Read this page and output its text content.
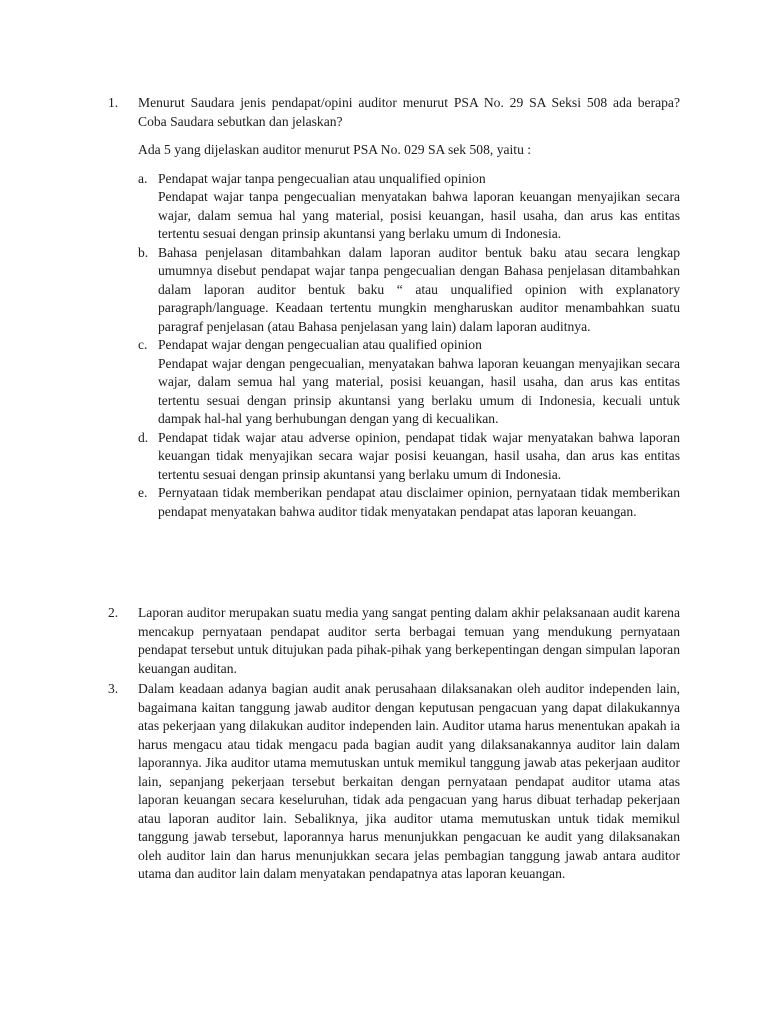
1.	Menurut Saudara jenis pendapat/opini auditor menurut PSA No. 29 SA Seksi 508 ada berapa? Coba Saudara sebutkan dan jelaskan?
Ada 5 yang dijelaskan auditor menurut PSA No. 029 SA sek 508, yaitu :
a. Pendapat wajar tanpa pengecualian atau unqualified opinion
Pendapat wajar tanpa pengecualian menyatakan bahwa laporan keuangan menyajikan secara wajar, dalam semua hal yang material, posisi keuangan, hasil usaha, dan arus kas entitas tertentu sesuai dengan prinsip akuntansi yang berlaku umum di Indonesia.
b. Bahasa penjelasan ditambahkan dalam laporan auditor bentuk baku atau secara lengkap umumnya disebut pendapat wajar tanpa pengecualian dengan Bahasa penjelasan ditambahkan dalam laporan auditor bentuk baku “ atau unqualified opinion with explanatory paragraph/language. Keadaan tertentu mungkin mengharuskan auditor menambahkan suatu paragraf penjelasan (atau Bahasa penjelasan yang lain) dalam laporan auditnya.
c. Pendapat wajar dengan pengecualian atau qualified opinion
Pendapat wajar dengan pengecualian, menyatakan bahwa laporan keuangan menyajikan secara wajar, dalam semua hal yang material, posisi keuangan, hasil usaha, dan arus kas entitas tertentu sesuai dengan prinsip akuntansi yang berlaku umum di Indonesia, kecuali untuk dampak hal-hal yang berhubungan dengan yang di kecualikan.
d. Pendapat tidak wajar atau adverse opinion, pendapat tidak wajar menyatakan bahwa laporan keuangan tidak menyajikan secara wajar posisi keuangan, hasil usaha, dan arus kas entitas tertentu sesuai dengan prinsip akuntansi yang berlaku umum di Indonesia.
e. Pernyataan tidak memberikan pendapat atau disclaimer opinion, pernyataan tidak memberikan pendapat menyatakan bahwa auditor tidak menyatakan pendapat atas laporan keuangan.
2.	Laporan auditor merupakan suatu media yang sangat penting dalam akhir pelaksanaan audit karena mencakup pernyataan pendapat auditor serta berbagai temuan yang mendukung pernyataan pendapat tersebut untuk ditujukan pada pihak-pihak yang berkepentingan dengan simpulan laporan keuangan auditan.
3.	Dalam keadaan adanya bagian audit anak perusahaan dilaksanakan oleh auditor independen lain, bagaimana kaitan tanggung jawab auditor dengan keputusan pengacuan yang dapat dilakukannya atas pekerjaan yang dilakukan auditor independen lain. Auditor utama harus menentukan apakah ia harus mengacu atau tidak mengacu pada bagian audit yang dilaksanakannya auditor lain dalam laporannya. Jika auditor utama memutuskan untuk memikul tanggung jawab atas pekerjaan auditor lain, sepanjang pekerjaan tersebut berkaitan dengan pernyataan pendapat auditor utama atas laporan keuangan secara keseluruhan, tidak ada pengacuan yang harus dibuat terhadap pekerjaan atau laporan auditor lain. Sebaliknya, jika auditor utama memutuskan untuk tidak memikul tanggung jawab tersebut, laporannya harus menunjukkan pengacuan ke audit yang dilaksanakan oleh auditor lain dan harus menunjukkan secara jelas pembagian tanggung jawab antara auditor utama dan auditor lain dalam menyatakan pendapatnya atas laporan keuangan.
